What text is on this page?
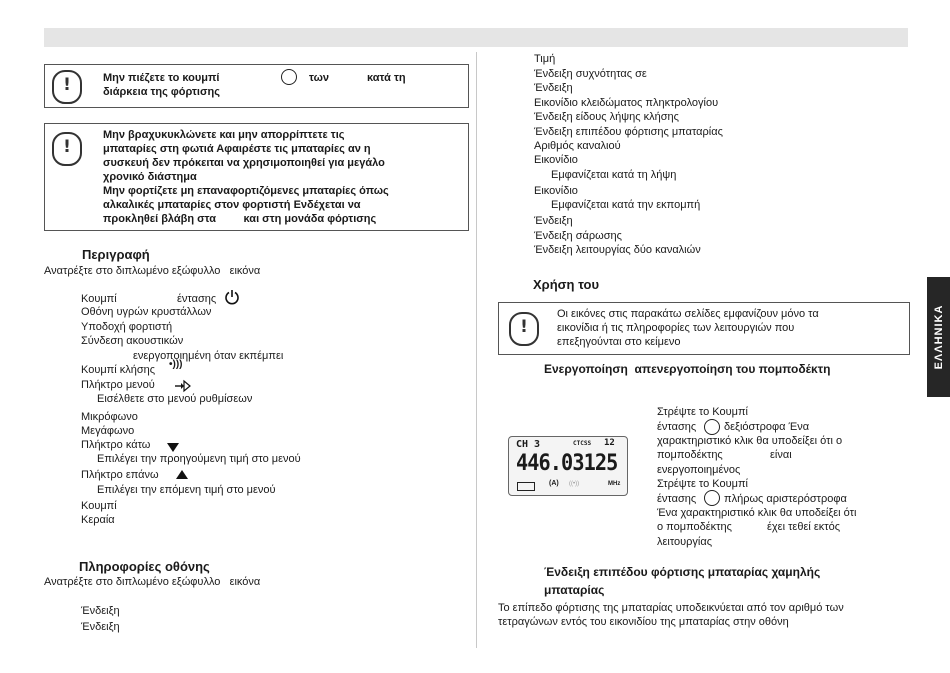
ΕΛΛΗΝΙΚΑ
!
Μην πιέζετε το κουμπί	των	κατά τη
διάρκεια της φόρτισης
!
Μην βραχυκυκλώνετε και μην απορρίπτετε τις
μπαταρίες στη φωτιά Αφαιρέστε τις μπαταρίες αν η
συσκευή δεν πρόκειται να χρησιμοποιηθεί για μεγάλο
χρονικό διάστημα
Μην φορτίζετε μη επαναφορτιζόμενες μπαταρίες όπως
αλκαλικές μπαταρίες στον φορτιστή Ενδέχεται να
προκληθεί βλάβη στα         και στη μονάδα φόρτισης
Περιγραφή
Ανατρέξτε στο διπλωμένο εξώφυλλο   εικόνα
Κουμπί	έντασης
Οθόνη υγρών κρυστάλλων
Υποδοχή φορτιστή
Σύνδεση ακουστικών
ενεργοποιημένη όταν εκπέμπει
Κουμπί κλήσης •)))
Πλήκτρο μενού
Εισέλθετε στο μενού ρυθμίσεων
Μικρόφωνο
Μεγάφωνο
Πλήκτρο κάτω
Επιλέγει την προηγούμενη τιμή στο μενού
Πλήκτρο επάνω
Επιλέγει την επόμενη τιμή στο μενού
Κουμπί
Κεραία
Πληροφορίες οθόνης
Ανατρέξτε στο διπλωμένο εξώφυλλο   εικόνα
Ένδειξη
Ένδειξη
Τιμή
Ένδειξη συχνότητας σε
Ένδειξη
Εικονίδιο κλειδώματος πληκτρολογίου
Ένδειξη είδους λήψης κλήσης
Ένδειξη επιπέδου φόρτισης μπαταρίας
Αριθμός καναλιού
Εικονίδιο
Εμφανίζεται κατά τη λήψη
Εικονίδιο
Εμφανίζεται κατά την εκπομπή
Ένδειξη
Ένδειξη σάρωσης
Ένδειξη λειτουργίας δύο καναλιών
Χρήση του
!
Οι εικόνες στις παρακάτω σελίδες εμφανίζουν μόνο τα
εικονίδια ή τις πληροφορίες των λειτουργιών που
επεξηγούνται στο κείμενο
Ενεργοποίηση  απενεργοποίηση του πομποδέκτη
CH 3	CTCSS 12
446.03125
(A) ((•))	MHz
Στρέψτε το Κουμπί
έντασης	δεξιόστροφα Ένα
χαρακτηριστικό κλικ θα υποδείξει ότι ο
πομποδέκτης	είναι
ενεργοποιημένος
Στρέψτε το Κουμπί
έντασης	πλήρως αριστερόστροφα
Ένα χαρακτηριστικό κλικ θα υποδείξει ότι
ο πομποδέκτης	έχει τεθεί εκτός
λειτουργίας
Ένδειξη επιπέδου φόρτισης μπαταρίας χαμηλής
μπαταρίας
Το επίπεδο φόρτισης της μπαταρίας υποδεικνύεται από τον αριθμό των
τετραγώνων εντός του εικονιδίου της μπαταρίας στην οθόνη
